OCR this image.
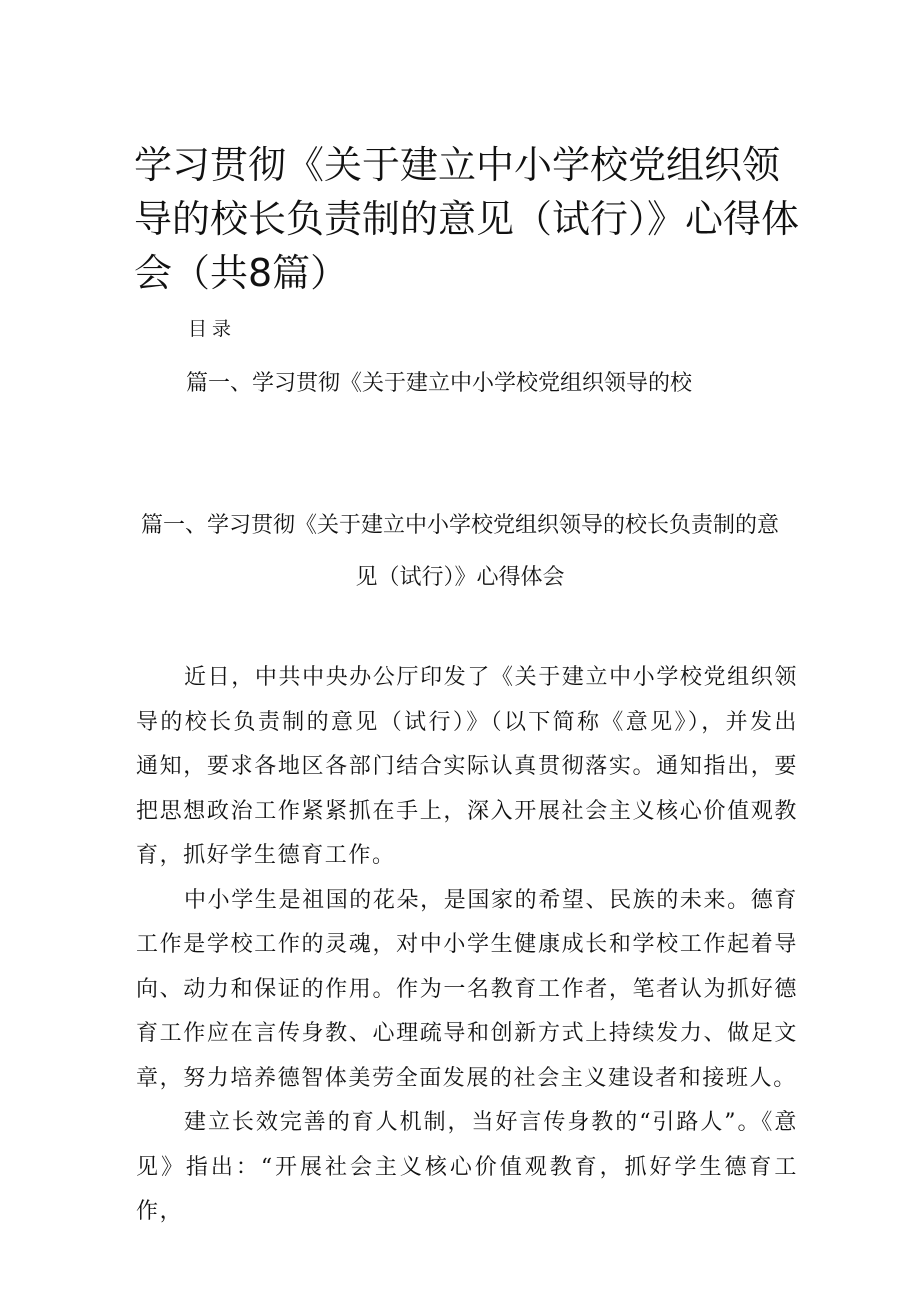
学习贯彻《关于建立中小学校党组织领导的校长负责制的意见（试行）》心得体会（共8篇）
目录
篇一、学习贯彻《关于建立中小学校党组织领导的校
篇一、学习贯彻《关于建立中小学校党组织领导的校长负责制的意见（试行）》心得体会

近日，中共中央办公厅印发了《关于建立中小学校党组织领导的校长负责制的意见（试行）》（以下简称《意见》），并发出通知，要求各地区各部门结合实际认真贯彻落实。通知指出，要把思想政治工作紧紧抓在手上，深入开展社会主义核心价值观教育，抓好学生德育工作。

中小学生是祖国的花朵，是国家的希望、民族的未来。德育工作是学校工作的灵魂，对中小学生健康成长和学校工作起着导向、动力和保证的作用。作为一名教育工作者，笔者认为抓好德育工作应在言传身教、心理疏导和创新方式上持续发力、做足文章，努力培养德智体美劳全面发展的社会主义建设者和接班人。

建立长效完善的育人机制，当好言传身教的“引路人”。《意见》指出：“开展社会主义核心价值观教育，抓好学生德育工作，
